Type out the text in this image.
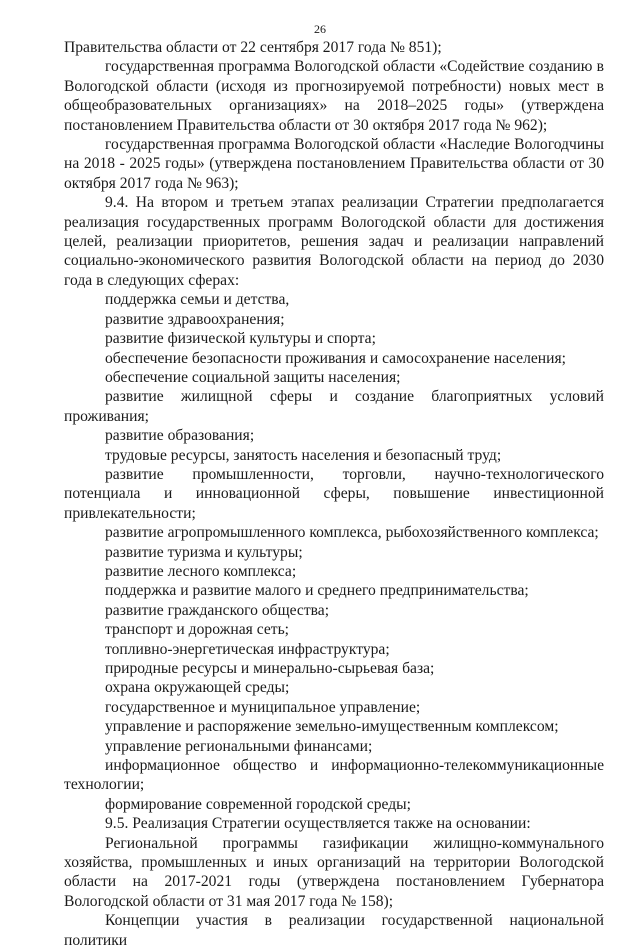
26

Правительства области от 22 сентября 2017 года № 851);

государственная программа Вологодской области «Содействие созданию в Вологодской области (исходя из прогнозируемой потребности) новых мест в общеобразовательных организациях» на 2018–2025 годы» (утверждена постановлением Правительства области от 30 октября 2017 года № 962);

государственная программа Вологодской области «Наследие Вологодчины на 2018 - 2025 годы» (утверждена постановлением Правительства области от 30 октября 2017 года № 963);

9.4. На втором и третьем этапах реализации Стратегии предполагается реализация государственных программ Вологодской области для достижения целей, реализации приоритетов, решения задач и реализации направлений социально-экономического развития Вологодской области на период до 2030 года в следующих сферах:

поддержка семьи и детства,

развитие здравоохранения;

развитие физической культуры и спорта;

обеспечение безопасности проживания и самосохранение населения;

обеспечение социальной защиты населения;

развитие жилищной сферы и создание благоприятных условий проживания;

развитие образования;

трудовые ресурсы, занятость населения и безопасный труд;

развитие промышленности, торговли, научно-технологического потенциала и инновационной сферы, повышение инвестиционной привлекательности;

развитие агропромышленного комплекса, рыбохозяйственного комплекса;

развитие туризма и культуры;

развитие лесного комплекса;

поддержка и развитие малого и среднего предпринимательства;

развитие гражданского общества;

транспорт и дорожная сеть;

топливно-энергетическая инфраструктура;

природные ресурсы и минерально-сырьевая база;

охрана окружающей среды;

государственное и муниципальное управление;

управление и распоряжение земельно-имущественным комплексом;

управление региональными финансами;

информационное общество и информационно-телекоммуникационные технологии;

формирование современной городской среды;

9.5. Реализация Стратегии осуществляется также на основании:

Региональной программы газификации жилищно-коммунального хозяйства, промышленных и иных организаций на территории Вологодской области на 2017-2021 годы (утверждена постановлением Губернатора Вологодской области от 31 мая 2017 года № 158);

Концепции участия в реализации государственной национальной политики
